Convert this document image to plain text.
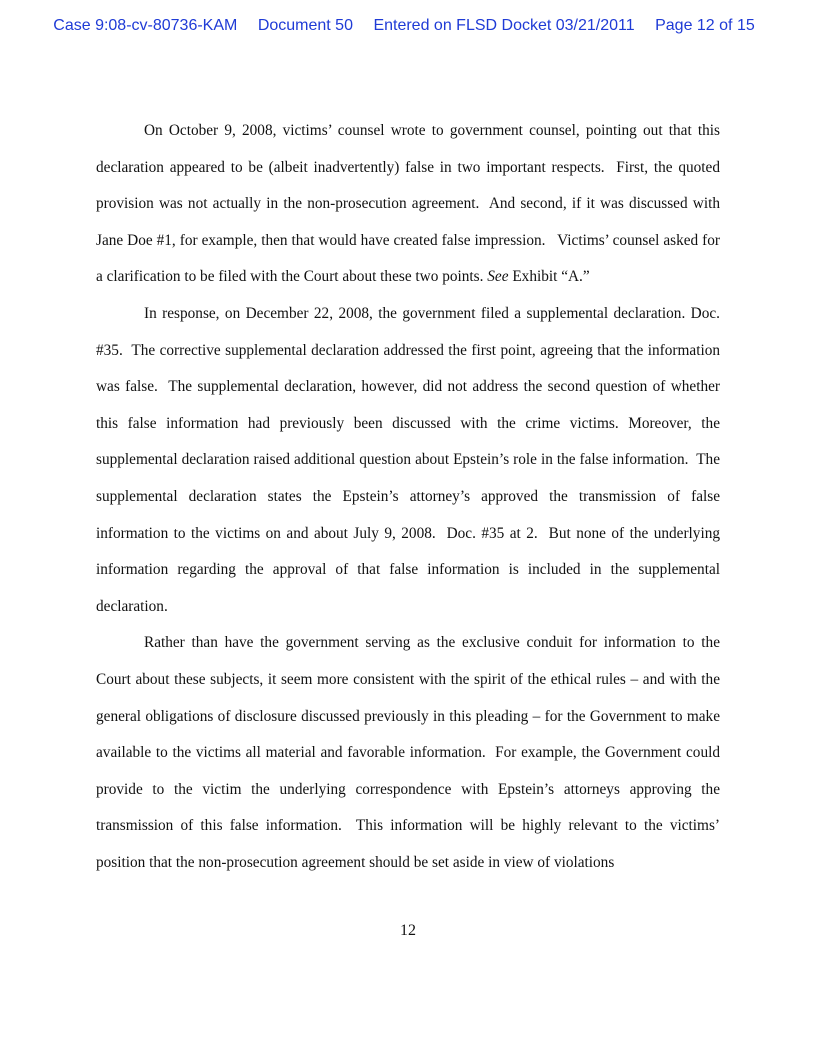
Case 9:08-cv-80736-KAM Document 50 Entered on FLSD Docket 03/21/2011 Page 12 of 15

On October 9, 2008, victims’ counsel wrote to government counsel, pointing out that this declaration appeared to be (albeit inadvertently) false in two important respects.  First, the quoted provision was not actually in the non-prosecution agreement.  And second, if it was discussed with Jane Doe #1, for example, then that would have created false impression.   Victims’ counsel asked for a clarification to be filed with the Court about these two points. See Exhibit “A.”

In response, on December 22, 2008, the government filed a supplemental declaration. Doc. #35.  The corrective supplemental declaration addressed the first point, agreeing that the information was false.  The supplemental declaration, however, did not address the second question of whether this false information had previously been discussed with the crime victims. Moreover, the supplemental declaration raised additional question about Epstein’s role in the false information.  The supplemental declaration states the Epstein’s attorney’s approved the transmission of false information to the victims on and about July 9, 2008.  Doc. #35 at 2.  But none of the underlying information regarding the approval of that false information is included in the supplemental declaration.

Rather than have the government serving as the exclusive conduit for information to the Court about these subjects, it seem more consistent with the spirit of the ethical rules – and with the general obligations of disclosure discussed previously in this pleading – for the Government to make available to the victims all material and favorable information.  For example, the Government could provide to the victim the underlying correspondence with Epstein’s attorneys approving the transmission of this false information.  This information will be highly relevant to the victims’ position that the non-prosecution agreement should be set aside in view of violations

12
